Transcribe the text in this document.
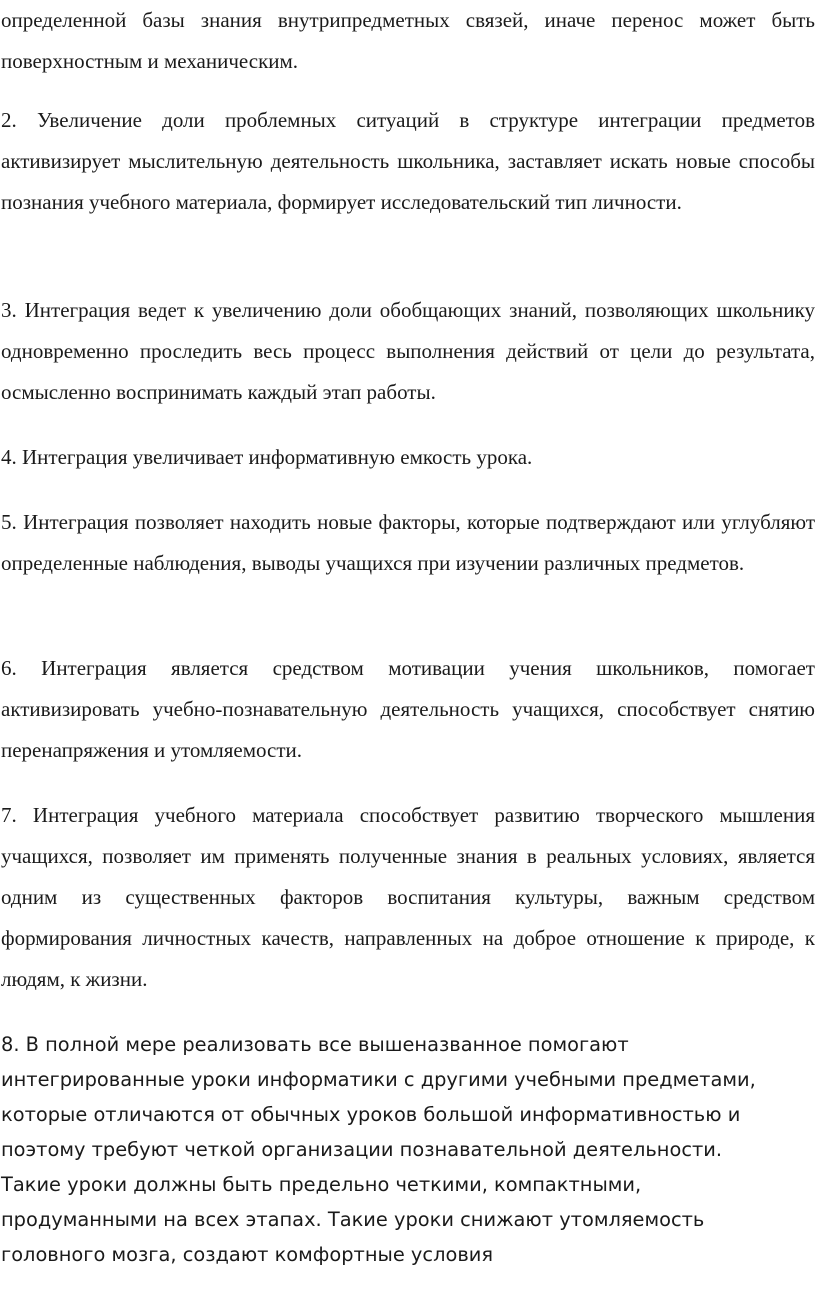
определенной базы знания внутрипредметных связей, иначе перенос может быть поверхностным и механическим.

2. Увеличение доли проблемных ситуаций в структуре интеграции предметов активизирует мыслительную деятельность школьника, заставляет искать новые способы познания учебного материала, формирует исследовательский тип личности.

3. Интеграция ведет к увеличению доли обобщающих знаний, позволяющих школьнику одновременно проследить весь процесс выполнения действий от цели до результата, осмысленно воспринимать каждый этап работы.

4. Интеграция увеличивает информативную емкость урока.

5. Интеграция позволяет находить новые факторы, которые подтверждают или углубляют определенные наблюдения, выводы учащихся при изучении различных предметов.

6. Интеграция является средством мотивации учения школьников, помогает активизировать учебно-познавательную деятельность учащихся, способствует снятию перенапряжения и утомляемости.

7. Интеграция учебного материала способствует развитию творческого мышления учащихся, позволяет им применять полученные знания в реальных условиях, является одним из существенных факторов воспитания культуры, важным средством формирования личностных качеств, направленных на доброе отношение к природе, к людям, к жизни.

8. В полной мере реализовать все вышеназванное помогают интегрированные уроки информатики с другими учебными предметами, которые отличаются от обычных уроков большой информативностью и поэтому требуют четкой организации познавательной деятельности. Такие уроки должны быть предельно четкими, компактными, продуманными на всех этапах. Такие уроки снижают утомляемость головного мозга, создают комфортные условия
